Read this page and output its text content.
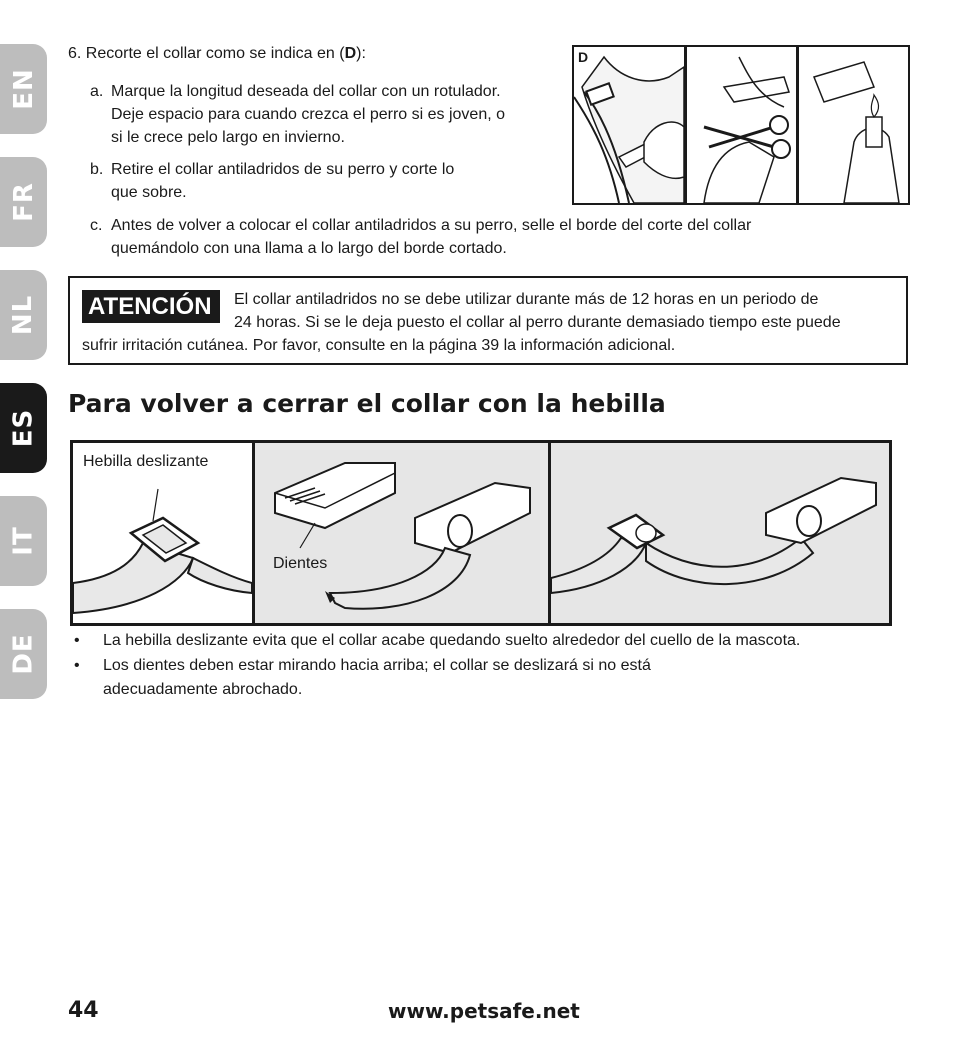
EN
FR
NL
ES
IT
DE
6. Recorte el collar como se indica en (D):
a. Marque la longitud deseada del collar con un rotulador.
Deje espacio para cuando crezca el perro si es joven, o
si le crece pelo largo en invierno.
b. Retire el collar antiladridos de su perro y corte lo
que sobre.
c. Antes de volver a colocar el collar antiladridos a su perro, selle el borde del corte del collar
quemándolo con una llama a lo largo del borde cortado.
D
ATENCIÓN	El collar antiladridos no se debe utilizar durante más de 12 horas en un periodo de
24 horas. Si se le deja puesto el collar al perro durante demasiado tiempo este puede
sufrir irritación cutánea. Por favor, consulte en la página 39 la información adicional.
Para volver a cerrar el collar con la hebilla
Hebilla deslizante
Dientes
• La hebilla deslizante evita que el collar acabe quedando suelto alrededor del cuello de la mascota.
• Los dientes deben estar mirando hacia arriba; el collar se deslizará si no está
adecuadamente abrochado.
44	www.petsafe.net
